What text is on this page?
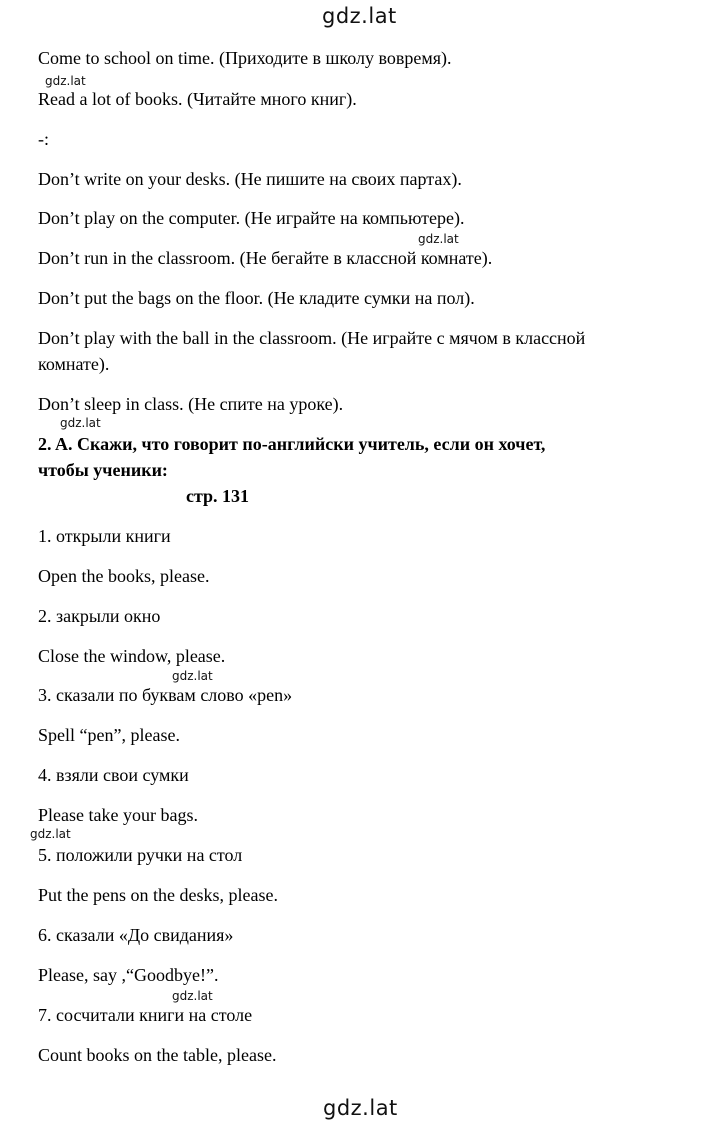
gdz.lat
Come to school on time. (Приходите в школу вовремя).
gdz.lat
Read a lot of books. (Читайте много книг).
-:
Don’t write on your desks. (Не пишите на своих партах).
Don’t play on the computer. (Не играйте на компьютере).
gdz.lat
Don’t run in the classroom. (Не бегайте в классной комнате).
Don’t put the bags on the floor. (Не кладите сумки на пол).
Don’t play with the ball in the classroom. (Не играйте с мячом в классной
комнате).
Don’t sleep in class. (Не спите на уроке).
gdz.lat
2. A. Скажи, что говорит по-английски учитель, если он хочет,
чтобы ученики:
стр. 131
1. открыли книги
Open the books, please.
2. закрыли окно
Close the window, please.
gdz.lat
3. сказали по буквам слово «pen»
Spell “pen”, please.
4. взяли свои сумки
Please take your bags.
gdz.lat
5. положили ручки на стол
Put the pens on the desks, please.
6. сказали «До свидания»
Please, say ,“Goodbye!”.
gdz.lat
7. сосчитали книги на столе
Count books on the table, please.
gdz.lat
